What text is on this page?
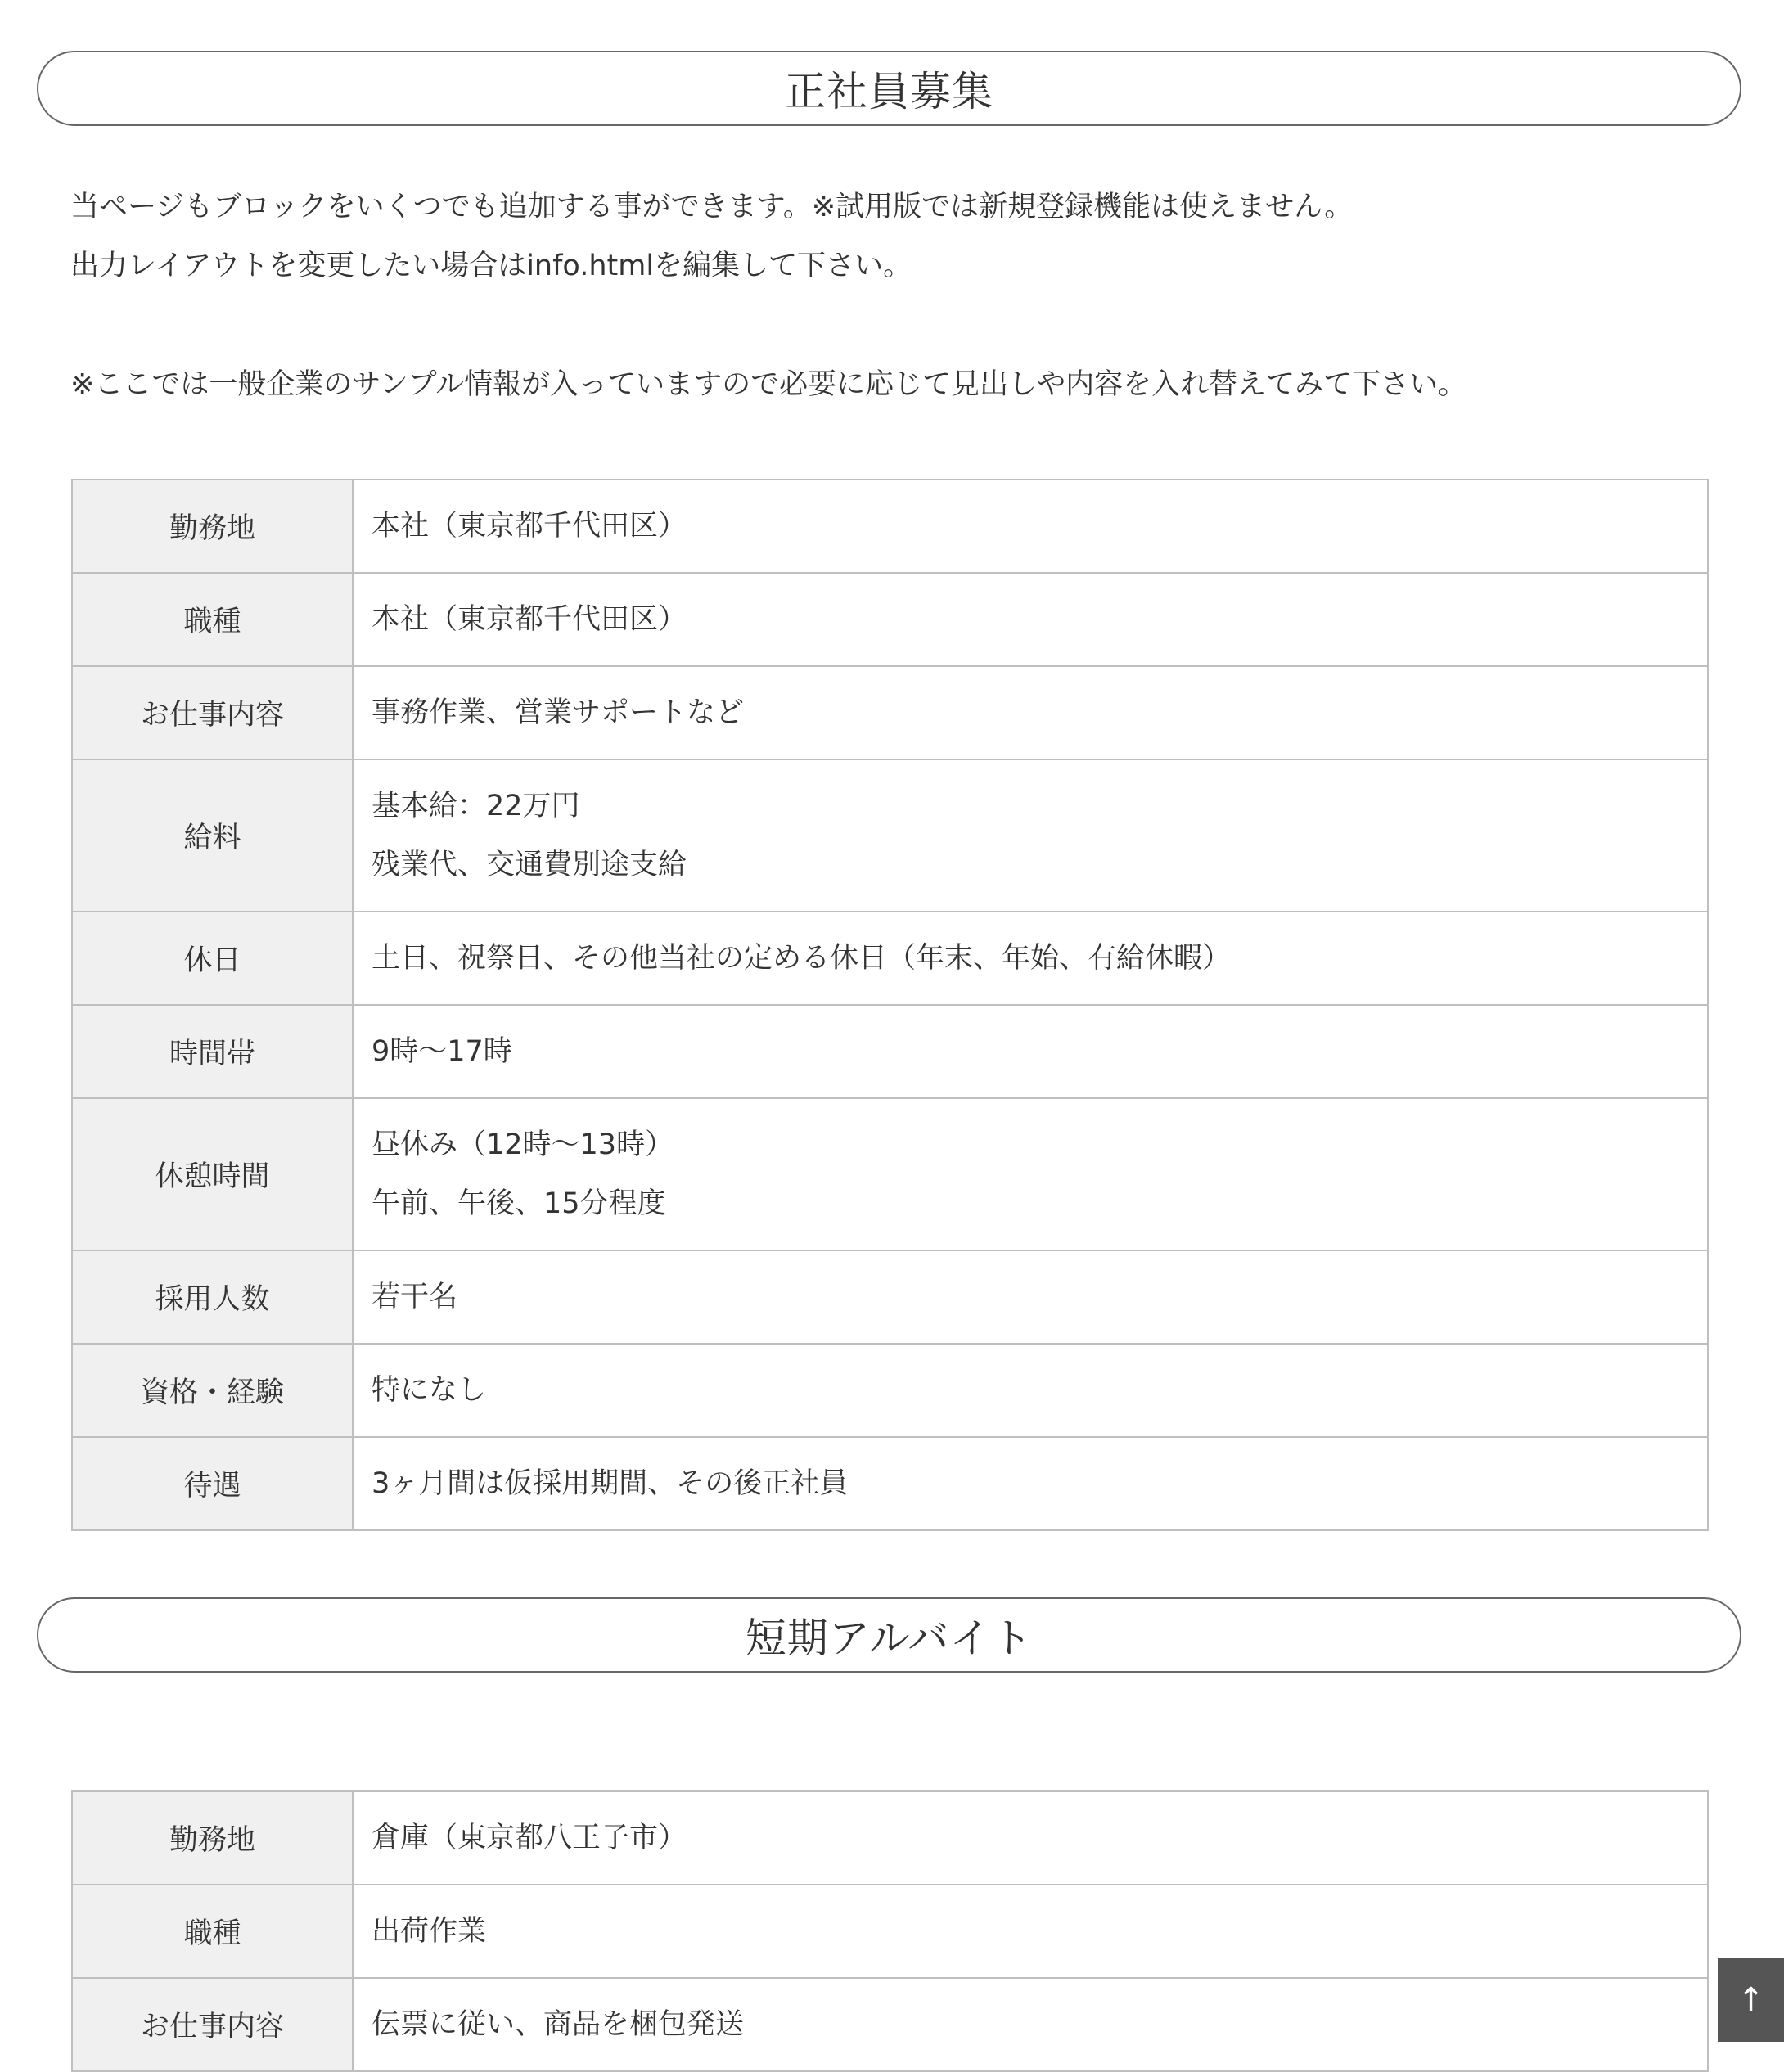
正社員募集
当ページもブロックをいくつでも追加する事ができます。※試用版では新規登録機能は使えません。
出力レイアウトを変更したい場合はinfo.htmlを編集して下さい。
※ここでは一般企業のサンプル情報が入っていますので必要に応じて見出しや内容を入れ替えてみて下さい。
勤務地	本社（東京都千代田区）

職種	本社（東京都千代田区）

お仕事内容	事務作業、営業サポートなど

給料	基本給：22万円
残業代、交通費別途支給

休日	土日、祝祭日、その他当社の定める休日（年末、年始、有給休暇）

時間帯	9時〜17時

休憩時間	昼休み（12時〜13時）
午前、午後、15分程度

採用人数	若干名

資格・経験	特になし

待遇	3ヶ月間は仮採用期間、その後正社員
短期アルバイト
勤務地	倉庫（東京都八王子市）

職種	出荷作業

お仕事内容	伝票に従い、商品を梱包発送
↑
